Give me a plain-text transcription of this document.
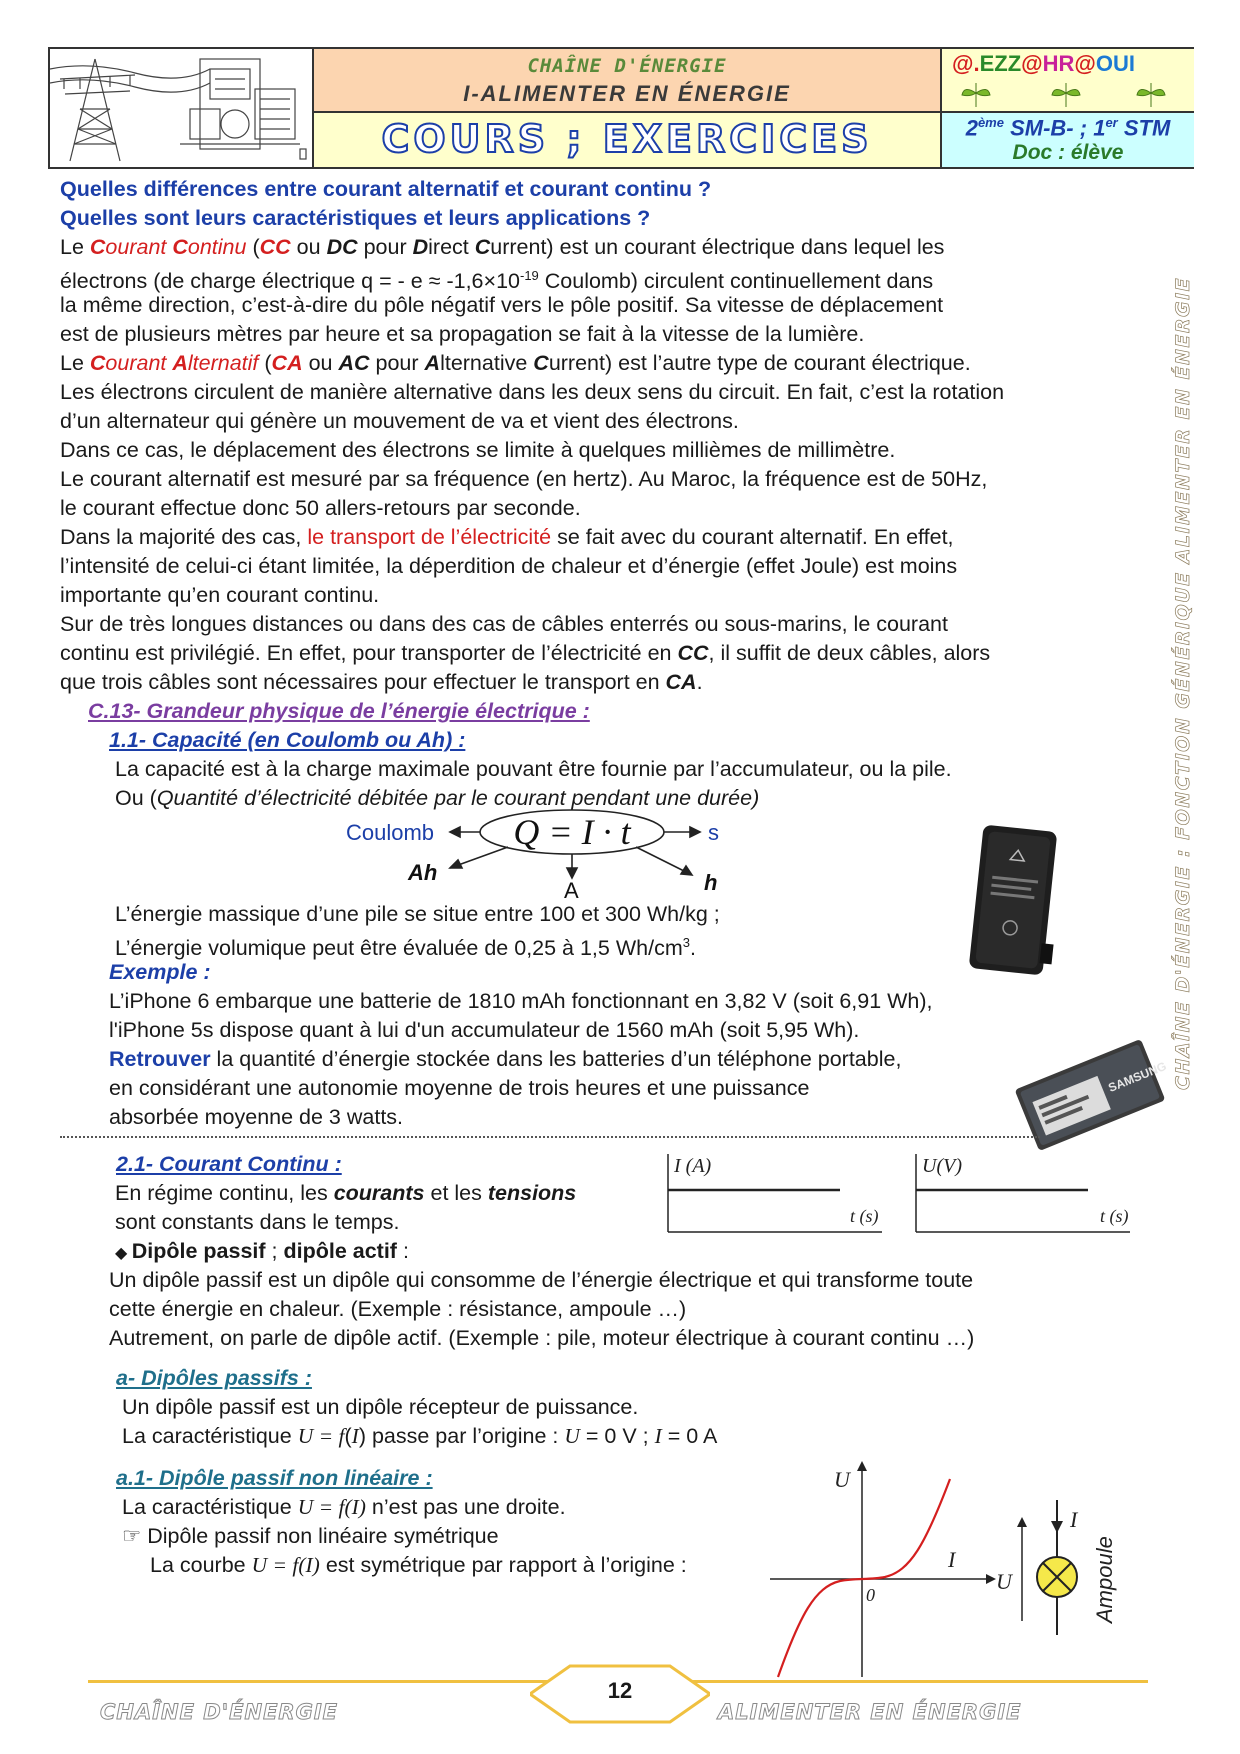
CHAÎNE D'ÉNERGIE
I-ALIMENTER EN ÉNERGIE
COURS ; EXERCICES
@.EZZ@HR@OUI
2ème SM-B- ; 1er STM
Doc : élève
CHAÎNE D'ÉNERGIE : FONCTION GÉNÉRIQUE ALIMENTER EN ÉNERGIE
Quelles différences entre courant alternatif et courant continu ?
Quelles sont leurs caractéristiques et leurs applications ?
Le Courant Continu (CC ou DC pour Direct Current) est un courant électrique dans lequel les
électrons (de charge électrique q = - $e \approx -1,6\times 10^{-19}$ Coulomb) circulent continuellement dans
la même direction, c’est-à-dire du pôle négatif vers le pôle positif. Sa vitesse de déplacement
est de plusieurs mètres par heure et sa propagation se fait à la vitesse de la lumière.
Le Courant Alternatif (CA ou AC pour Alternative Current) est l’autre type de courant électrique.
Les électrons circulent de manière alternative dans les deux sens du circuit. En fait, c’est la rotation
d’un alternateur qui génère un mouvement de va et vient des électrons.
Dans ce cas, le déplacement des électrons se limite à quelques millièmes de millimètre.
Le courant alternatif est mesuré par sa fréquence (en hertz). Au Maroc, la fréquence est de 50Hz,
le courant effectue donc 50 allers-retours par seconde.
Dans la majorité des cas, le transport de l’électricité se fait avec du courant alternatif. En effet,
l’intensité de celui-ci étant limitée, la déperdition de chaleur et d’énergie (effet Joule) est moins
importante qu’en courant continu.
Sur de très longues distances ou dans des cas de câbles enterrés ou sous-marins, le courant
continu est privilégié. En effet, pour transporter de l’électricité en CC, il suffit de deux câbles, alors
que trois câbles sont nécessaires pour effectuer le transport en CA.
C.13- Grandeur physique de l’énergie électrique :
1.1- Capacité (en Coulomb ou Ah) :
La capacité est à la charge maximale pouvant être fournie par l’accumulateur, ou la pile.
Ou (Quantité d’électricité débitée par le courant pendant une durée)
Q = I · t
Coulomb	s
Ah
A	h
L’énergie massique d’une pile se situe entre 100 et 300 Wh/kg ;
L’énergie volumique peut être évaluée de 0,25 à 1,5 $Wh/cm^3$.
Exemple :
L’iPhone 6 embarque une batterie de 1810 mAh fonctionnant en 3,82 V (soit 6,91 Wh),
l'iPhone 5s dispose quant à lui d'un accumulateur de 1560 mAh (soit 5,95 Wh).
Retrouver la quantité d’énergie stockée dans les batteries d’un téléphone portable,
en considérant une autonomie moyenne de trois heures et une puissance
absorbée moyenne de 3 watts.
SAMSUNG
2.1- Courant Continu :
En régime continu, les courants et les tensions
sont constants dans le temps.
◆ Dipôle passif ; dipôle actif :
I (A)
t (s)
U(V)
t (s)
Un dipôle passif est un dipôle qui consomme de l’énergie électrique et qui transforme toute
cette énergie en chaleur. (Exemple : résistance, ampoule …)
Autrement, on parle de dipôle actif. (Exemple : pile, moteur électrique à courant continu …)
a- Dipôles passifs :
Un dipôle passif est un dipôle récepteur de puissance.
La caractéristique U = f(I) passe par l’origine : U = 0 V ; I = 0 A
a.1- Dipôle passif non linéaire :
La caractéristique U = f(I) n’est pas une droite.
☞ Dipôle passif non linéaire symétrique
La courbe U = f(I) est symétrique par rapport à l’origine :
U
I
0
I
U	Ampoule
12
CHAÎNE D'ÉNERGIE	ALIMENTER EN ÉNERGIE
